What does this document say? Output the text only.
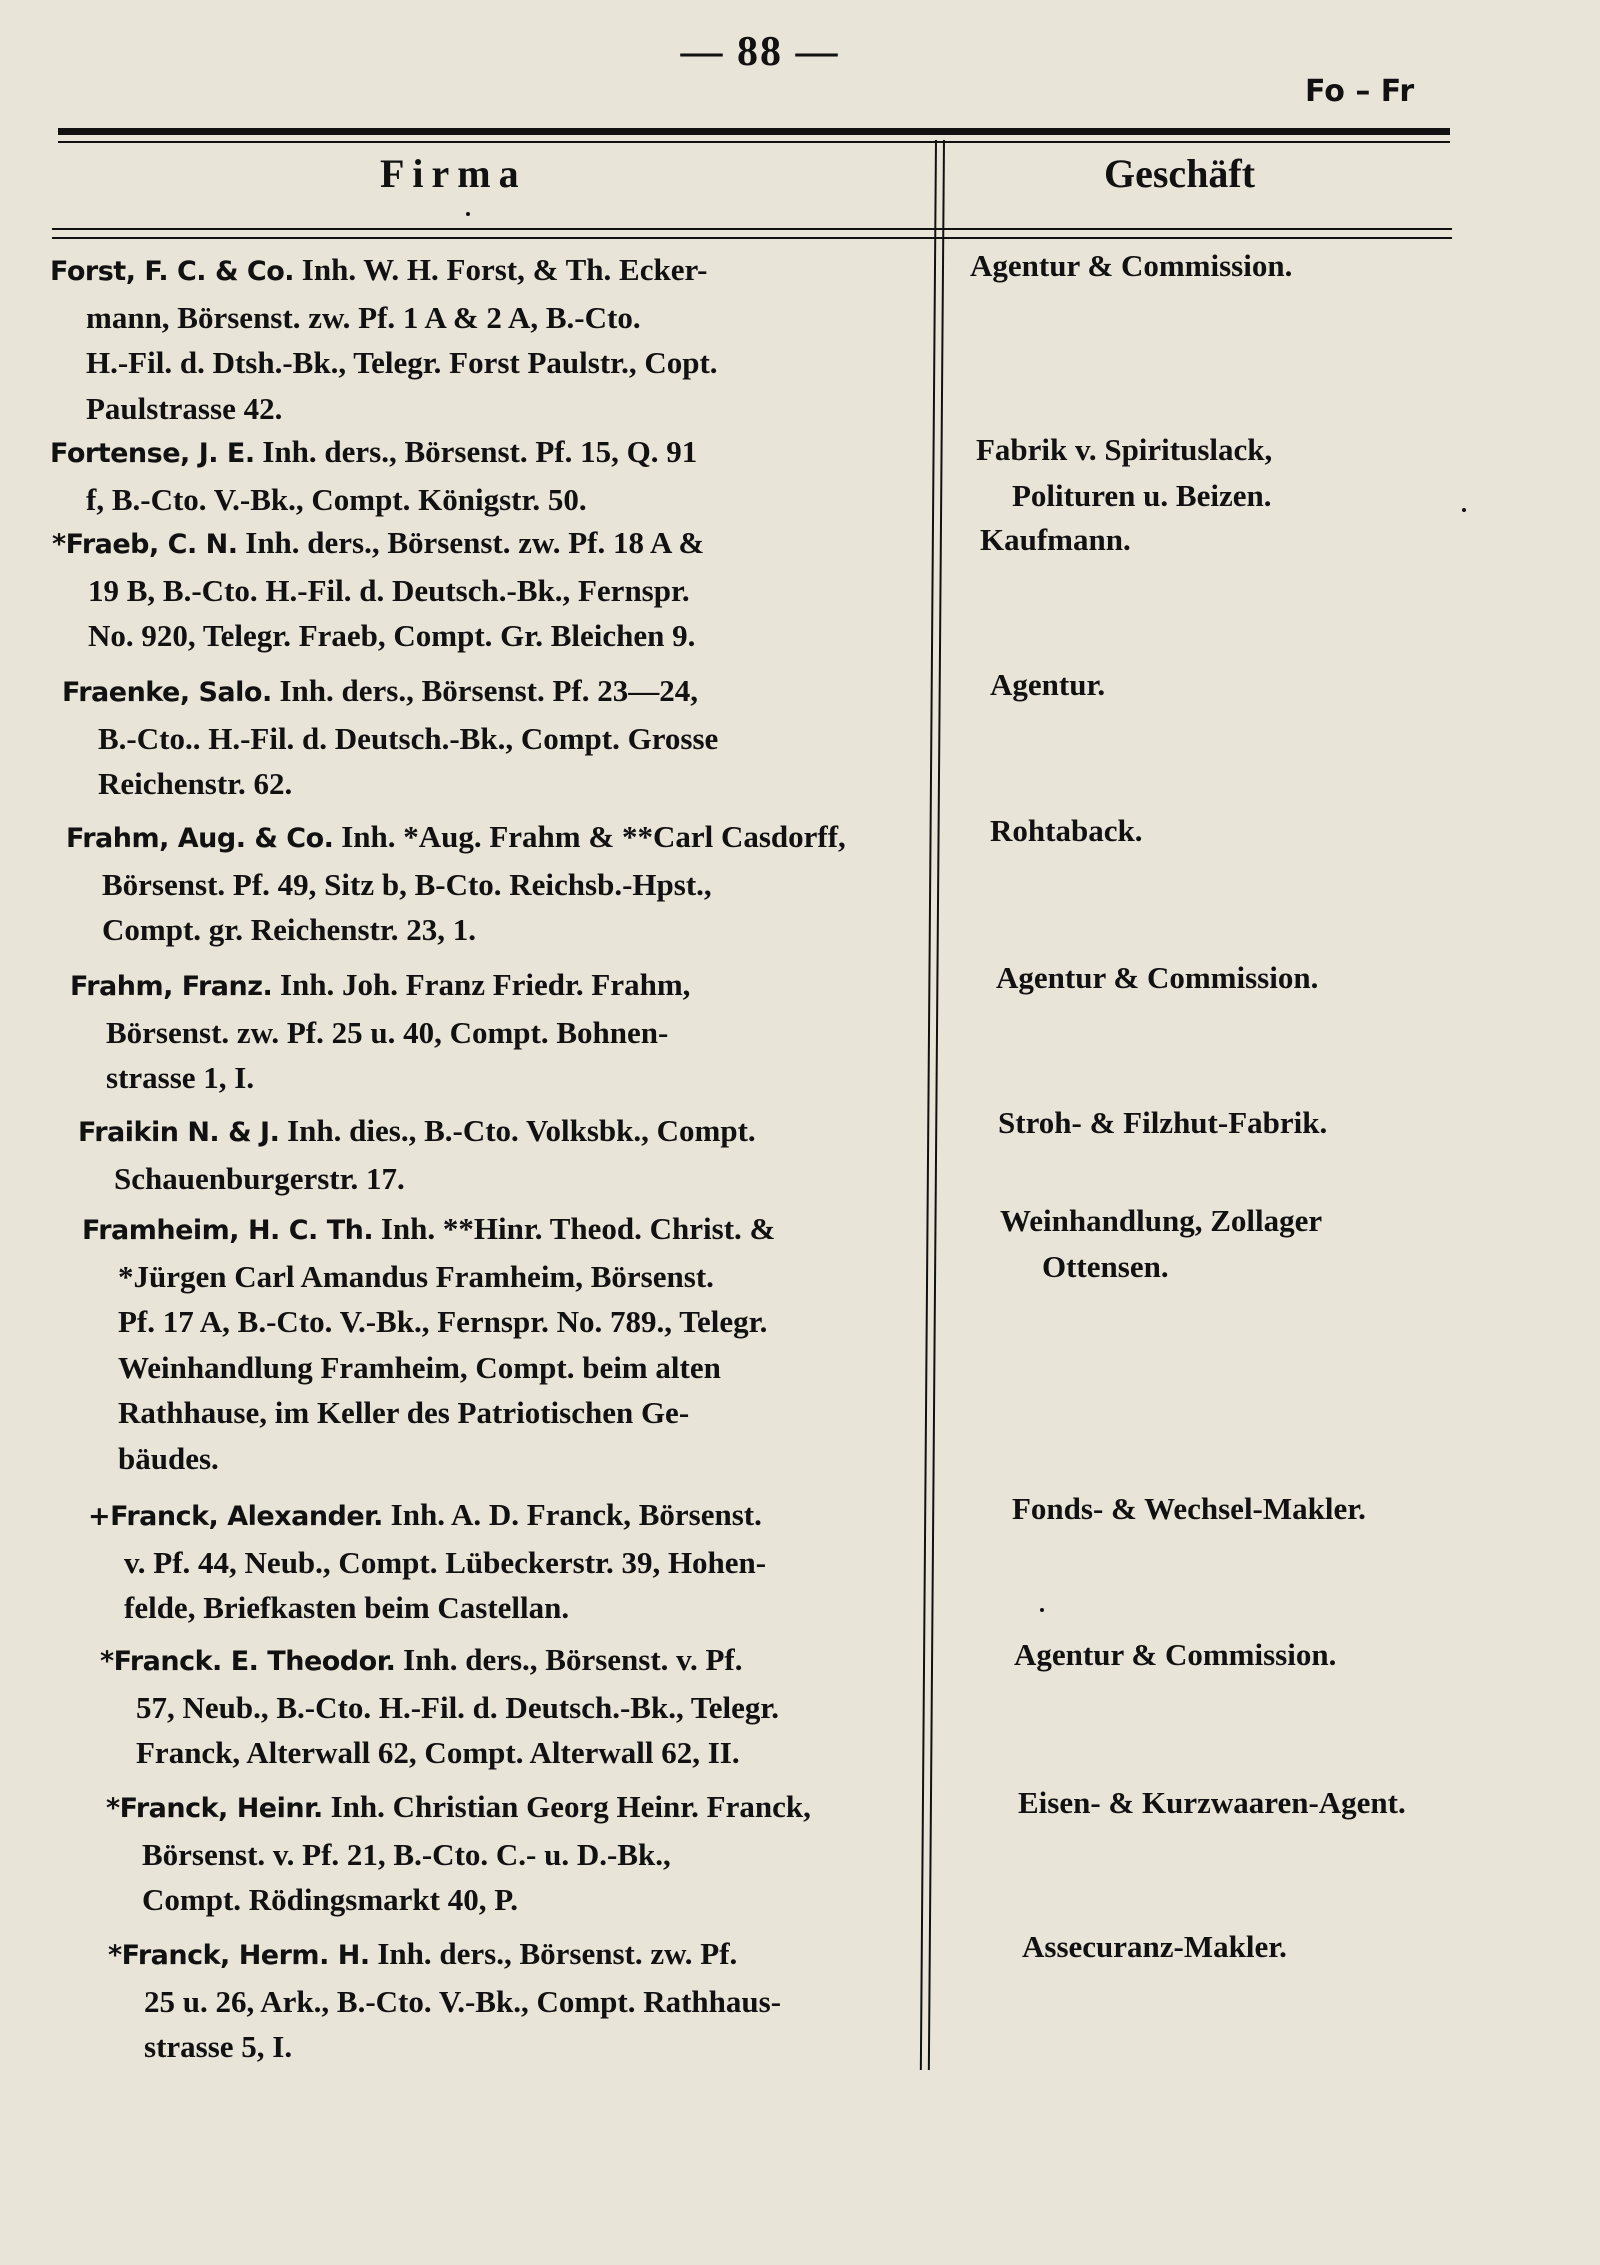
— 88 —
Fo – Fr
Firma	Geschäft
Forst, F. C. & Co. Inh. W. H. Forst, & Th. Ecker-
mann, Börsenst. zw. Pf. 1 A & 2 A, B.-Cto.
H.-Fil. d. Dtsh.-Bk., Telegr. Forst Paulstr., Copt.
Paulstrasse 42.
Agentur & Commission.
Fortense, J. E. Inh. ders., Börsenst. Pf. 15, Q. 91
f, B.-Cto. V.-Bk., Compt. Königstr. 50.
Fabrik v. Spirituslack,
Polituren u. Beizen.
*Fraeb, C. N. Inh. ders., Börsenst. zw. Pf. 18 A &
19 B, B.-Cto. H.-Fil. d. Deutsch.-Bk., Fernspr.
No. 920, Telegr. Fraeb, Compt. Gr. Bleichen 9.
Kaufmann.
Fraenke, Salo. Inh. ders., Börsenst. Pf. 23—24,
B.-Cto.. H.-Fil. d. Deutsch.-Bk., Compt. Grosse
Reichenstr. 62.
Agentur.
Frahm, Aug. & Co. Inh. *Aug. Frahm & **Carl Casdorff,
Börsenst. Pf. 49, Sitz b, B-Cto. Reichsb.-Hpst.,
Compt. gr. Reichenstr. 23, 1.
Rohtaback.
Frahm, Franz. Inh. Joh. Franz Friedr. Frahm,
Börsenst. zw. Pf. 25 u. 40, Compt. Bohnen-
strasse 1, I.
Agentur & Commission.
Fraikin N. & J. Inh. dies., B.-Cto. Volksbk., Compt.
Schauenburgerstr. 17.
Stroh- & Filzhut-Fabrik.
Framheim, H. C. Th. Inh. **Hinr. Theod. Christ. &
*Jürgen Carl Amandus Framheim, Börsenst.
Pf. 17 A, B.-Cto. V.-Bk., Fernspr. No. 789., Telegr.
Weinhandlung Framheim, Compt. beim alten
Rathhause, im Keller des Patriotischen Ge-
bäudes.
Weinhandlung, Zollager
Ottensen.
+Franck, Alexander. Inh. A. D. Franck, Börsenst.
v. Pf. 44, Neub., Compt. Lübeckerstr. 39, Hohen-
felde, Briefkasten beim Castellan.
Fonds- & Wechsel-Makler.
*Franck. E. Theodor. Inh. ders., Börsenst. v. Pf.
57, Neub., B.-Cto. H.-Fil. d. Deutsch.-Bk., Telegr.
Franck, Alterwall 62, Compt. Alterwall 62, II.
Agentur & Commission.
*Franck, Heinr. Inh. Christian Georg Heinr. Franck,
Börsenst. v. Pf. 21, B.-Cto. C.- u. D.-Bk.,
Compt. Rödingsmarkt 40, P.
Eisen- & Kurzwaaren-Agent.
*Franck, Herm. H. Inh. ders., Börsenst. zw. Pf.
25 u. 26, Ark., B.-Cto. V.-Bk., Compt. Rathhaus-
strasse 5, I.
Assecuranz-Makler.
